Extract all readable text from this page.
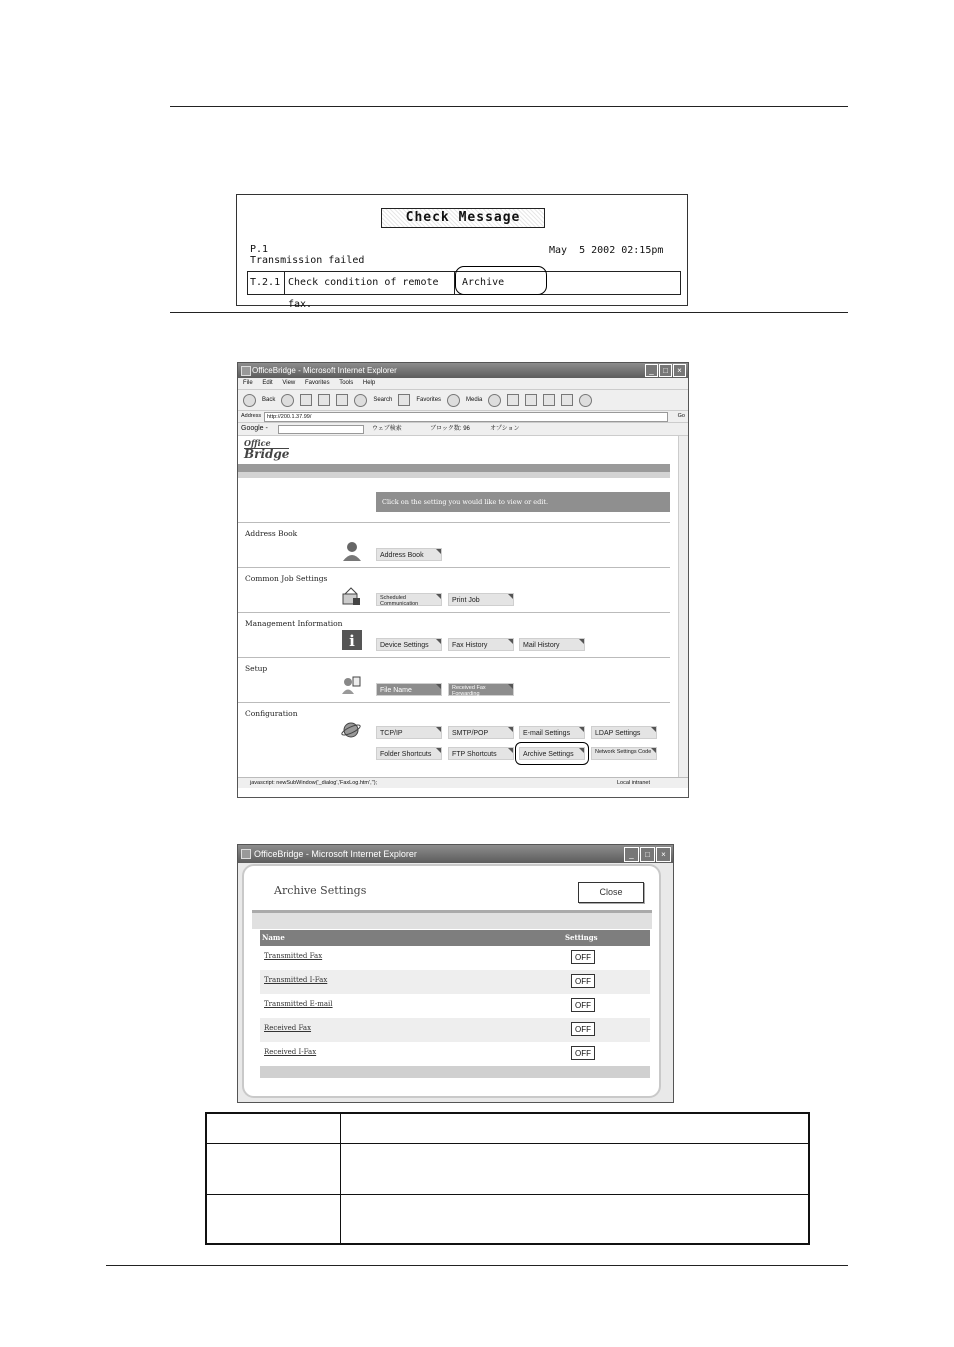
Check Message
P.1
Transmission failed
May  5 2002 02:15pm
T.2.1 Check condition of remote fax.
Archive
OfficeBridge - Microsoft Internet Explorer	_	□	×
File Edit View Favorites Tools Help
Back	Search	Favorites	Media
Address	http://200.1.37.99/	Go
Google -	ウェブ検索	ブロック数: 96	オプション
Office
Bridge
Click on the setting you would like to view or edit.
Address Book
Address Book
Common Job Settings
Scheduled Communication	Print Job
Management Information
i	Device Settings	Fax History	Mail History
Setup
File Name	Received Fax Forwarding
Configuration
TCP/IP	SMTP/POP	E-mail Settings	LDAP Settings
Folder Shortcuts	FTP Shortcuts	Archive Settings	Network Settings Code
javascript: newSubWindow('_dialog','FaxLog.htm','');	Local intranet
OfficeBridge - Microsoft Internet Explorer	_	□	×
Archive Settings	Close
Name	Settings
Transmitted Fax	OFF
Transmitted I-Fax	OFF
Transmitted E-mail	OFF
Received Fax	OFF
Received I-Fax	OFF
